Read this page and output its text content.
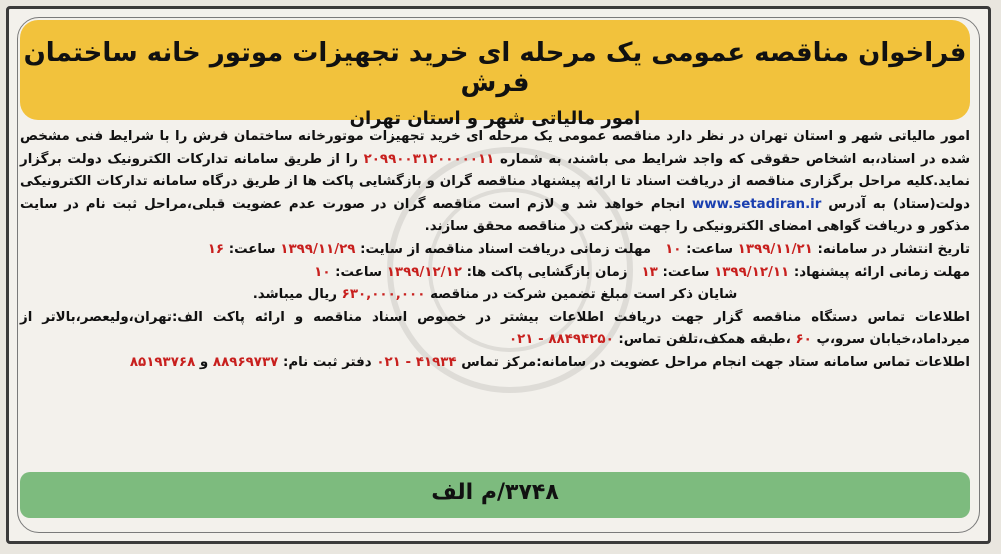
فراخوان مناقصه عمومی یک مرحله ای خرید تجهیزات موتور خانه ساختمان فرش
امور مالیاتی شهر و استان تهران

امور مالیاتی شهر و استان تهران در نظر دارد مناقصه عمومی یک مرحله ای خرید تجهیزات موتورخانه ساختمان فرش را با شرایط فنی مشخص شده در اسناد،به اشخاص حقوقی که واجد شرایط می باشند، به شماره ۲۰۹۹۰۰۳۱۲۰۰۰۰۰۱۱ را از طریق سامانه تدارکات الکترونیک دولت برگزار نماید.کلیه مراحل برگزاری مناقصه از دریافت اسناد تا ارائه پیشنهاد مناقصه گران و بازگشایی پاکت ها از طریق درگاه سامانه تدارکات الکترونیکی دولت(ستاد) به آدرس www.setadiran.ir انجام خواهد شد و لازم است مناقصه گران در صورت عدم عضویت قبلی،مراحل ثبت نام در سایت مذکور و دریافت گواهی امضای الکترونیکی را جهت شرکت در مناقصه محقق سازند.

تاریخ انتشار در سامانه: ۱۳۹۹/۱۱/۲۱ ساعت: ۱۰
مهلت زمانی دریافت اسناد مناقصه از سایت: ۱۳۹۹/۱۱/۲۹ ساعت: ۱۶
مهلت زمانی ارائه پیشنهاد: ۱۳۹۹/۱۲/۱۱ ساعت: ۱۳
زمان بازگشایی پاکت ها: ۱۳۹۹/۱۲/۱۲ ساعت: ۱۰

شایان ذکر است مبلغ تضمین شرکت در مناقصه ۶۳۰,۰۰۰,۰۰۰ ریال میباشد.

اطلاعات تماس دستگاه مناقصه گزار جهت دریافت اطلاعات بیشتر در خصوص اسناد مناقصه و ارائه پاکت الف:تهران،ولیعصر،بالاتر از میرداماد،خیابان سرو،پ ۶۰ ،طبقه همکف،تلفن تماس: ۸۸۴۹۴۲۵۰ - ۰۲۱

اطلاعات تماس سامانه ستاد جهت انجام مراحل عضویت در سامانه:مرکز تماس ۴۱۹۳۴ - ۰۲۱ دفتر ثبت نام: ۸۸۹۶۹۷۳۷ و ۸۵۱۹۳۷۶۸

۳۷۴۸/م الف
